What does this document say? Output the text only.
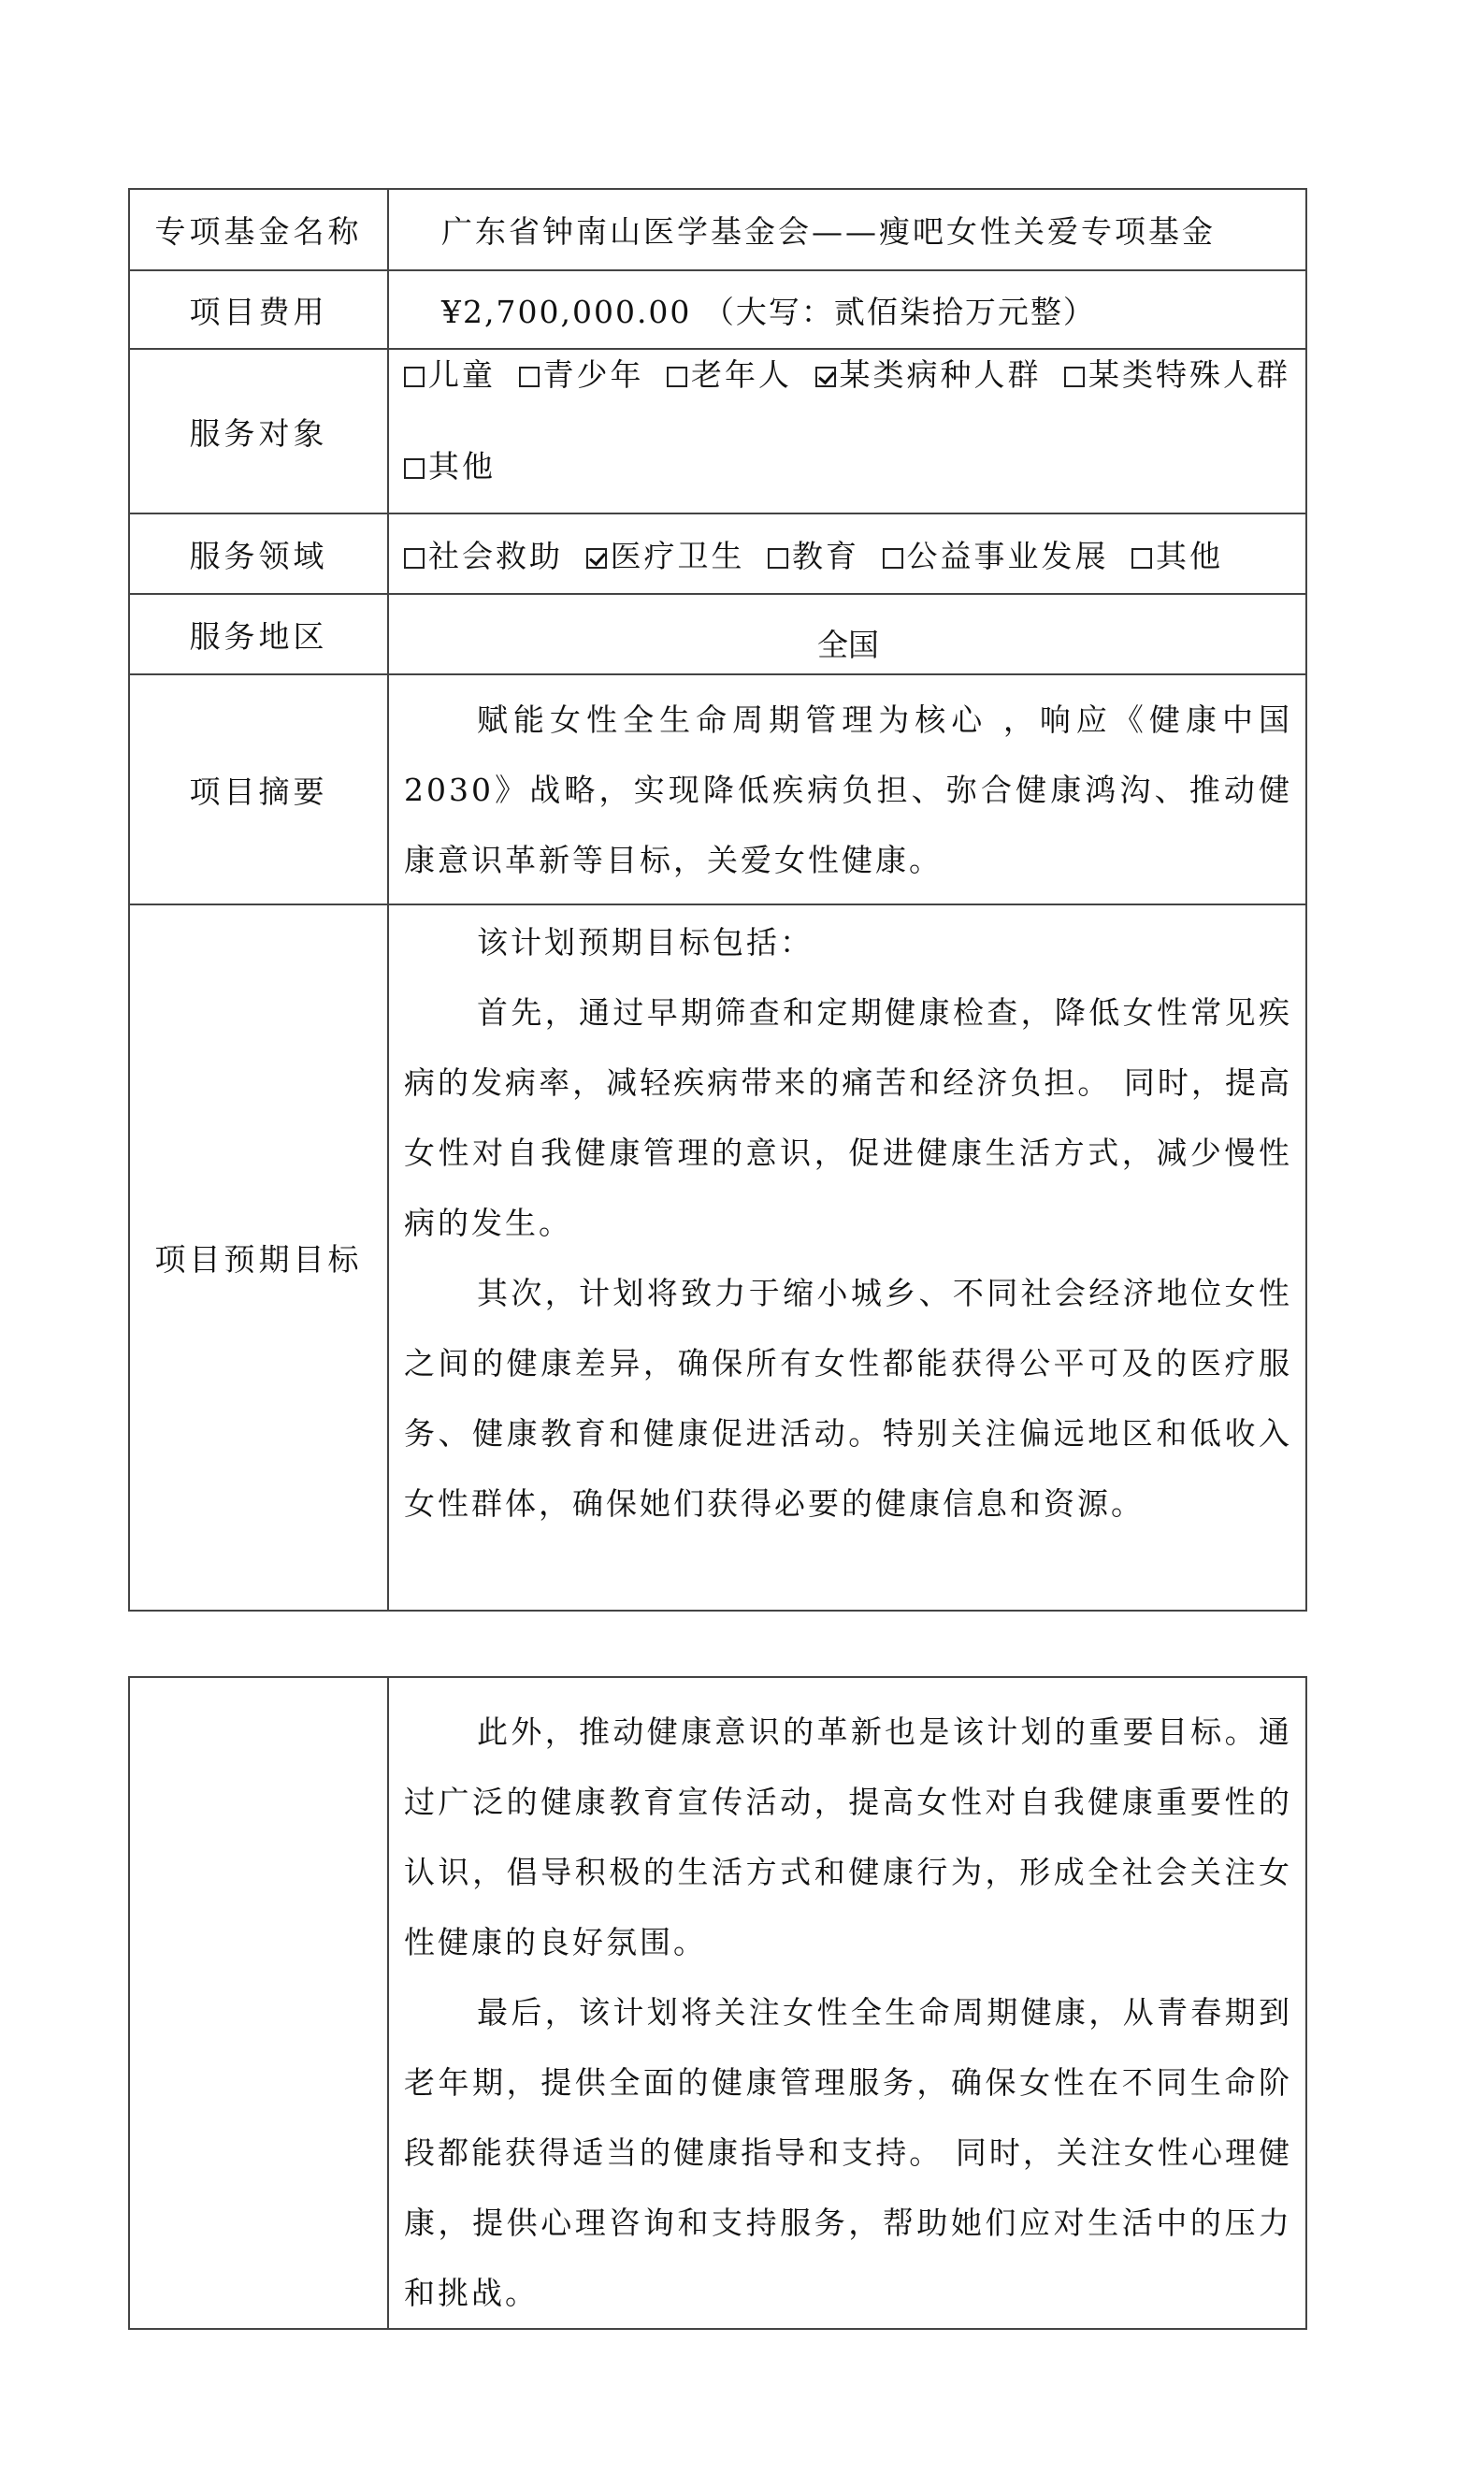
专项基金名称	广东省钟南山医学基金会——瘦吧女性关爱专项基金
项目费用	¥2,700,000.00 （大写：贰佰柒拾万元整）
服务对象	儿童 青少年 老年人 某类病种人群 某类特殊人群 其他

服务领域	社会救助 医疗卫生 教育 公益事业发展 其他
服务地区	全国
项目摘要	赋能女性全生命周期管理为核心 ，响应《健康中国2030》战略，实现降低疾病负担、弥合健康鸿沟、推动健康意识革新等目标，关爱女性健康。

项目预期目标	该计划预期目标包括：

首先，通过早期筛查和定期健康检查，降低女性常见疾病的发病率，减轻疾病带来的痛苦和经济负担。 同时，提高女性对自我健康管理的意识，促进健康生活方式，减少慢性病的发生。

其次，计划将致力于缩小城乡、不同社会经济地位女性之间的健康差异，确保所有女性都能获得公平可及的医疗服务、健康教育和健康促进活动。特别关注偏远地区和低收入女性群体，确保她们获得必要的健康信息和资源。

此外，推动健康意识的革新也是该计划的重要目标。通过广泛的健康教育宣传活动，提高女性对自我健康重要性的认识，倡导积极的生活方式和健康行为，形成全社会关注女性健康的良好氛围。

最后，该计划将关注女性全生命周期健康，从青春期到老年期，提供全面的健康管理服务，确保女性在不同生命阶段都能获得适当的健康指导和支持。 同时，关注女性心理健康，提供心理咨询和支持服务，帮助她们应对生活中的压力和挑战。
